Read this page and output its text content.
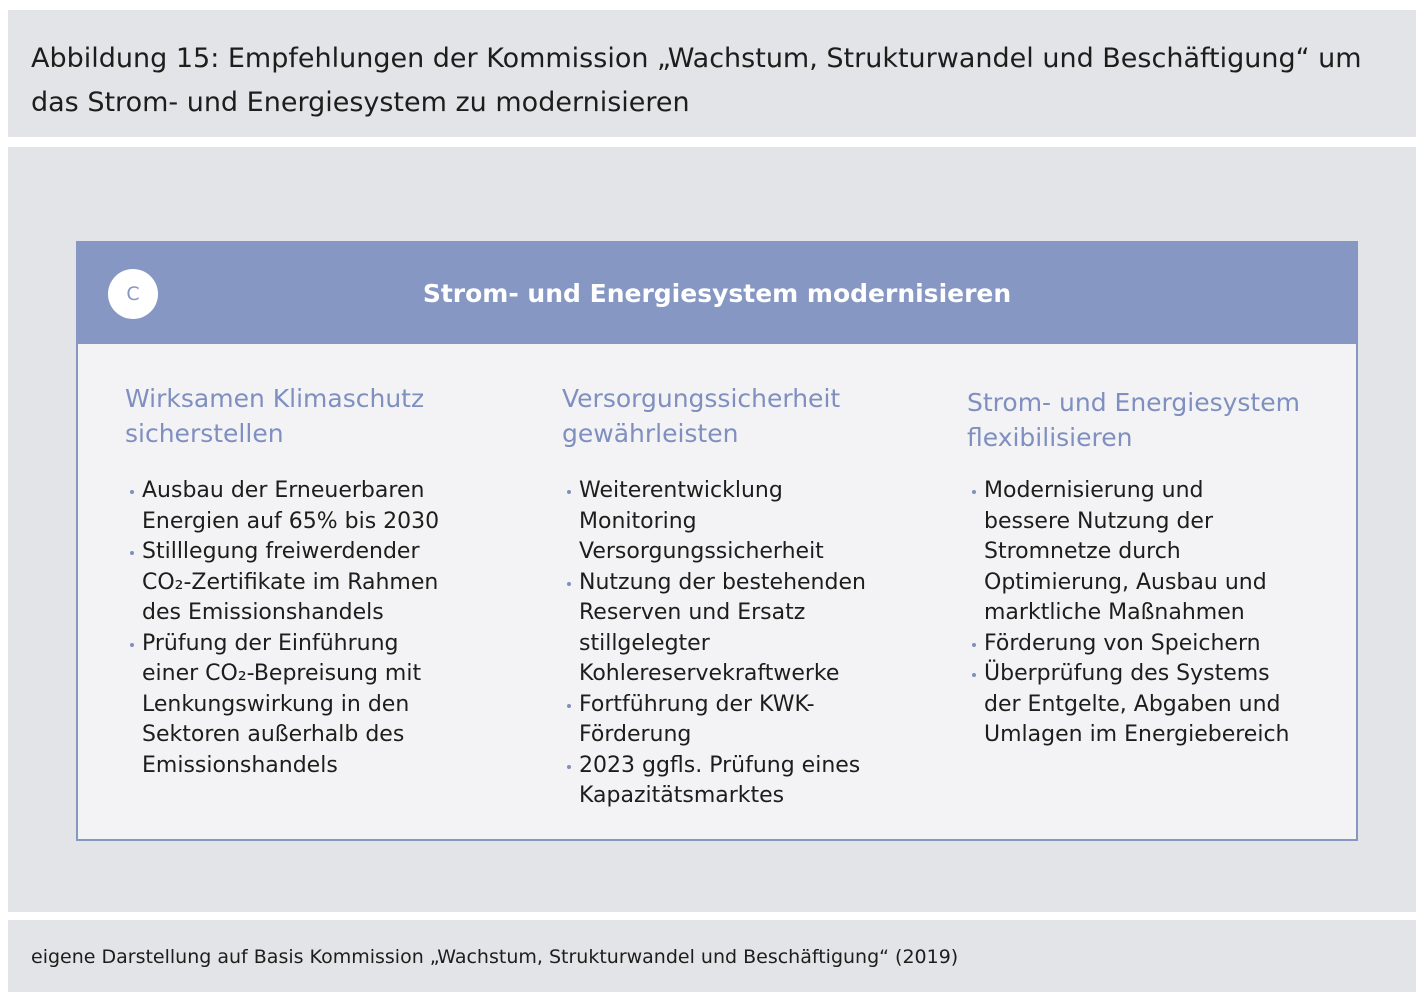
Abbildung 15: Empfehlungen der Kommission „Wachstum, Strukturwandel und Beschäftigung“ um
das Strom- und Energiesystem zu modernisieren
Strom- und Energiesystem modernisieren
C
Wirksamen Klimaschutz
sicherstellen
Ausbau der Erneuerbaren
Energien auf 65% bis 2030
Stilllegung freiwerdender
CO₂-Zertifikate im Rahmen
des Emissionshandels
Prüfung der Einführung
einer CO₂-Bepreisung mit
Lenkungswirkung in den
Sektoren außerhalb des
Emissionshandels
Versorgungssicherheit
gewährleisten
Weiterentwicklung
Monitoring
Versorgungssicherheit
Nutzung der bestehenden
Reserven und Ersatz
stillgelegter
Kohlereservekraftwerke
Fortführung der KWK-
Förderung
2023 ggfls. Prüfung eines
Kapazitätsmarktes
Strom- und Energiesystem
flexibilisieren
Modernisierung und
bessere Nutzung der
Stromnetze durch
Optimierung, Ausbau und
marktliche Maßnahmen
Förderung von Speichern
Überprüfung des Systems
der Entgelte, Abgaben und
Umlagen im Energiebereich
eigene Darstellung auf Basis Kommission „Wachstum, Strukturwandel und Beschäftigung“ (2019)
